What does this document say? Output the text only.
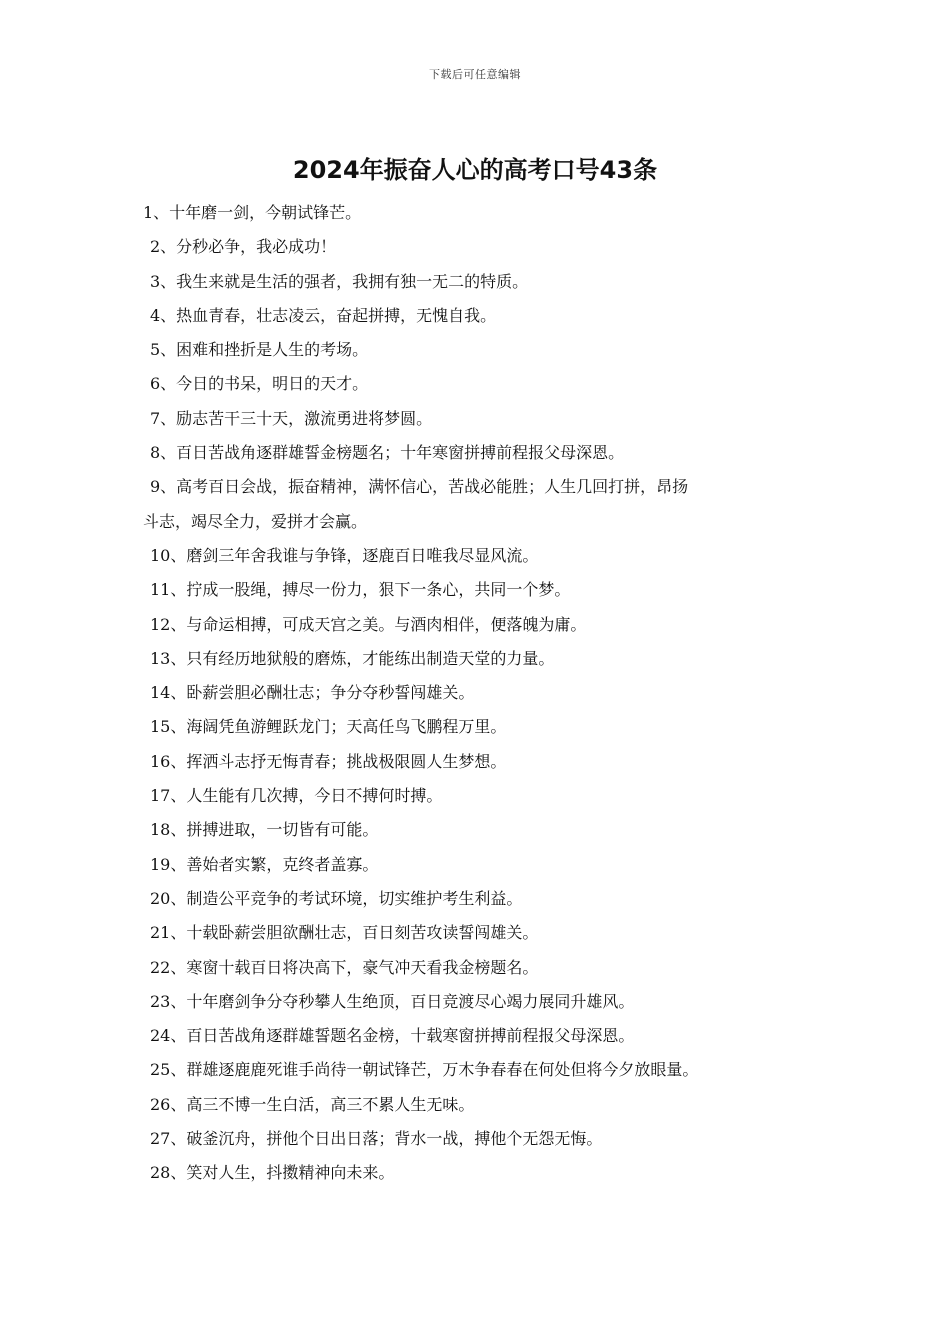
下载后可任意编辑
2024年振奋人心的高考口号43条
1、十年磨一剑，今朝试锋芒。
2、分秒必争，我必成功！
3、我生来就是生活的强者，我拥有独一无二的特质。
4、热血青春，壮志凌云，奋起拼搏，无愧自我。
5、困难和挫折是人生的考场。
6、今日的书呆，明日的天才。
7、励志苦干三十天，激流勇进将梦圆。
8、百日苦战角逐群雄誓金榜题名；十年寒窗拼搏前程报父母深恩。
9、高考百日会战，振奋精神，满怀信心，苦战必能胜；人生几回打拼，昂扬
斗志，竭尽全力，爱拼才会赢。
10、磨剑三年舍我谁与争锋，逐鹿百日唯我尽显风流。
11、拧成一股绳，搏尽一份力，狠下一条心，共同一个梦。
12、与命运相搏，可成天宫之美。与酒肉相伴，便落魄为庸。
13、只有经历地狱般的磨炼，才能练出制造天堂的力量。
14、卧薪尝胆必酬壮志；争分夺秒誓闯雄关。
15、海阔凭鱼游鲤跃龙门；天高任鸟飞鹏程万里。
16、挥洒斗志抒无悔青春；挑战极限圆人生梦想。
17、人生能有几次搏，今日不搏何时搏。
18、拼搏进取，一切皆有可能。
19、善始者实繁，克终者盖寡。
20、制造公平竞争的考试环境，切实维护考生利益。
21、十载卧薪尝胆欲酬壮志，百日刻苦攻读誓闯雄关。
22、寒窗十载百日将决高下，豪气冲天看我金榜题名。
23、十年磨剑争分夺秒攀人生绝顶，百日竞渡尽心竭力展同升雄风。
24、百日苦战角逐群雄誓题名金榜，十载寒窗拼搏前程报父母深恩。
25、群雄逐鹿鹿死谁手尚待一朝试锋芒，万木争春春在何处但将今夕放眼量。
26、高三不博一生白活，高三不累人生无味。
27、破釜沉舟，拼他个日出日落；背水一战，搏他个无怨无悔。
28、笑对人生，抖擞精神向未来。
